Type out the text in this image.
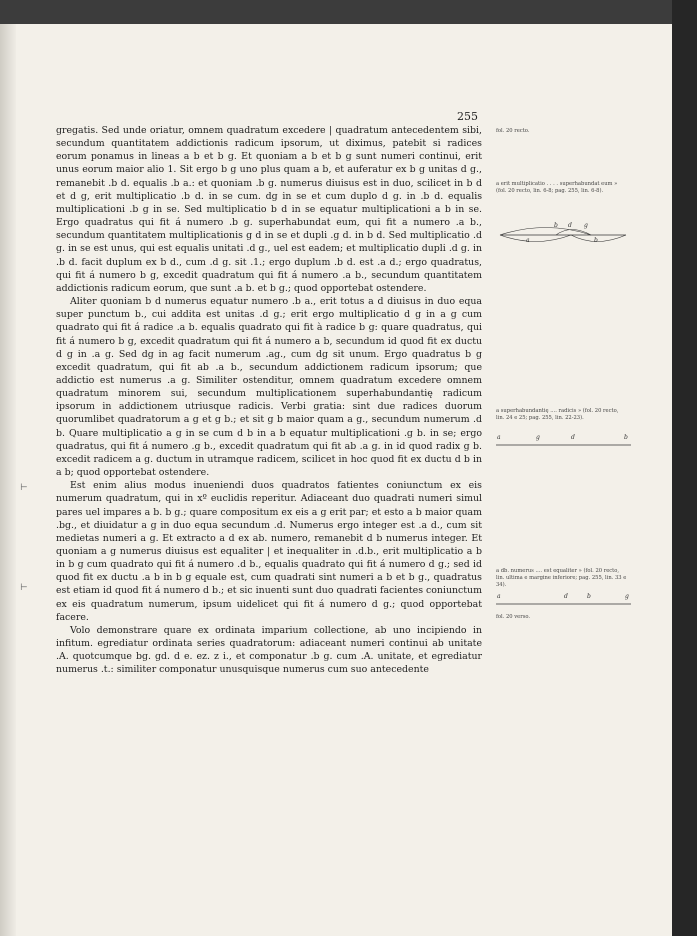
⊢
⊢
255

gregatis. Sed unde oriatur, omnem quadratum excedere | quadratum antecedentem sibi, secundum quantitatem addictionis radicum ipsorum, ut diximus, patebit si radices eorum ponamus in lineas a b et b g. Et quoniam a b et b g sunt numeri continui, erit unus eorum maior alio 1. Sit ergo b g uno plus quam a b, et auferatur ex b g unitas d g., remanebit .b d. equalis .b a.: et quoniam .b g. numerus diuisus est in duo, scilicet in b d et d g, erit multiplicatio .b d. in se cum. dg in se et cum duplo d g. in .b d. equalis multiplicationi .b g in se. Sed multiplicatio b d in se equatur multiplicationi a b in se. Ergo quadratus qui fit á numero .b g. superhabundat eum, qui fit a numero .a b., secundum quantitatem multiplicationis g d in se et dupli .g d. in b d. Sed multiplicatio .d g. in se est unus, qui est equalis unitati .d g., uel est eadem; et multiplicatio dupli .d g. in .b d. facit duplum ex b d., cum .d g. sit .1.; ergo duplum .b d. est .a d.; ergo quadratus, qui fit á numero b g, excedit quadratum qui fit á numero .a b., secundum quantitatem addictionis radicum eorum, que sunt .a b. et b g.; quod opportebat ostendere.

Aliter quoniam b d numerus equatur numero .b a., erit totus a d diuisus in duo equa super punctum b., cui addita est unitas .d g.; erit ergo multiplicatio d g in a g cum quadrato qui fit á radice .a b. equalis quadrato qui fit à radice b g: quare quadratus, qui fit á numero b g, excedit quadratum qui fit á numero a b, secundum id quod fit ex ductu d g in .a g. Sed dg in ag facit numerum .ag., cum dg sit unum. Ergo quadratus b g excedit quadratum, qui fit ab .a b., secundum addictionem radicum ipsorum; que addictio est numerus .a g. Similiter ostenditur, omnem quadratum excedere omnem quadratum minorem sui, secundum multiplicationem superhabundantię radicum ipsorum in addictionem utriusque radicis. Verbi gratia: sint due radices duorum quorumlibet quadratorum a g et g b.; et sit g b maior quam a g., secundum numerum .d b. Quare multiplicatio a g in se cum d b in a b equatur multiplicationi .g b. in se; ergo quadratus, qui fit á numero .g b., excedit quadratum qui fit ab .a g. in id quod radix g b. excedit radicem a g. ductum in utramque radicem, scilicet in hoc quod fit ex ductu d b in a b; quod opportebat ostendere.

Est enim alius modus inueniendi duos quadratos fatientes coniunctum ex eis numerum quadratum, qui in xº euclidis reperitur. Adiaceant duo quadrati numeri simul pares uel impares a b. b g.; quare compositum ex eis a g erit par; et esto a b maior quam .bg., et diuidatur a g in duo equa secundum .d. Numerus ergo integer est .a d., cum sit medietas numeri a g. Et extracto a d ex ab. numero, remanebit d b numerus integer. Et quoniam a g numerus diuisus est equaliter | et inequaliter in .d.b., erit multiplicatio a b in b g cum quadrato qui fit á numero .d b., equalis quadrato qui fit á numero d g.; sed id quod fit ex ductu .a b in b g equale est, cum quadrati sint numeri a b et b g., quadratus est etiam id quod fit á numero d b.; et sic inuenti sunt duo quadrati facientes coniunctum ex eis quadratum numerum, ipsum uidelicet qui fit á numero d g.; quod opportebat facere.

Volo demonstrare quare ex ordinata imparium collectione, ab uno incipiendo in infitum. egrediatur ordinata series quadratorum: adiaceant numeri continui ab unitate .A. quotcumque bg. gd. d e. ez. z i., et componatur .b g. cum .A. unitate, et egrediatur numerus .t.: similiter componatur unusquisque numerus cum suo antecedente

fol. 20 recto.
a erit multiplicatio . . . . superhabundat eum » (fol. 20 recto, lin. 6-8; pag. 255, lin. 6-8).
a superhabundantię .... radicis » (fol. 20 recto, lin. 24 e 25; pag. 255, lin. 22-23).
a db. numerus .... est equaliter » (fol. 20 recto, lin. ultima e margine inferiore; pag. 255, lin. 33 e 34).
fol. 20 verso.
b d g
a	b
a	g	d	b
a	d	b	g
